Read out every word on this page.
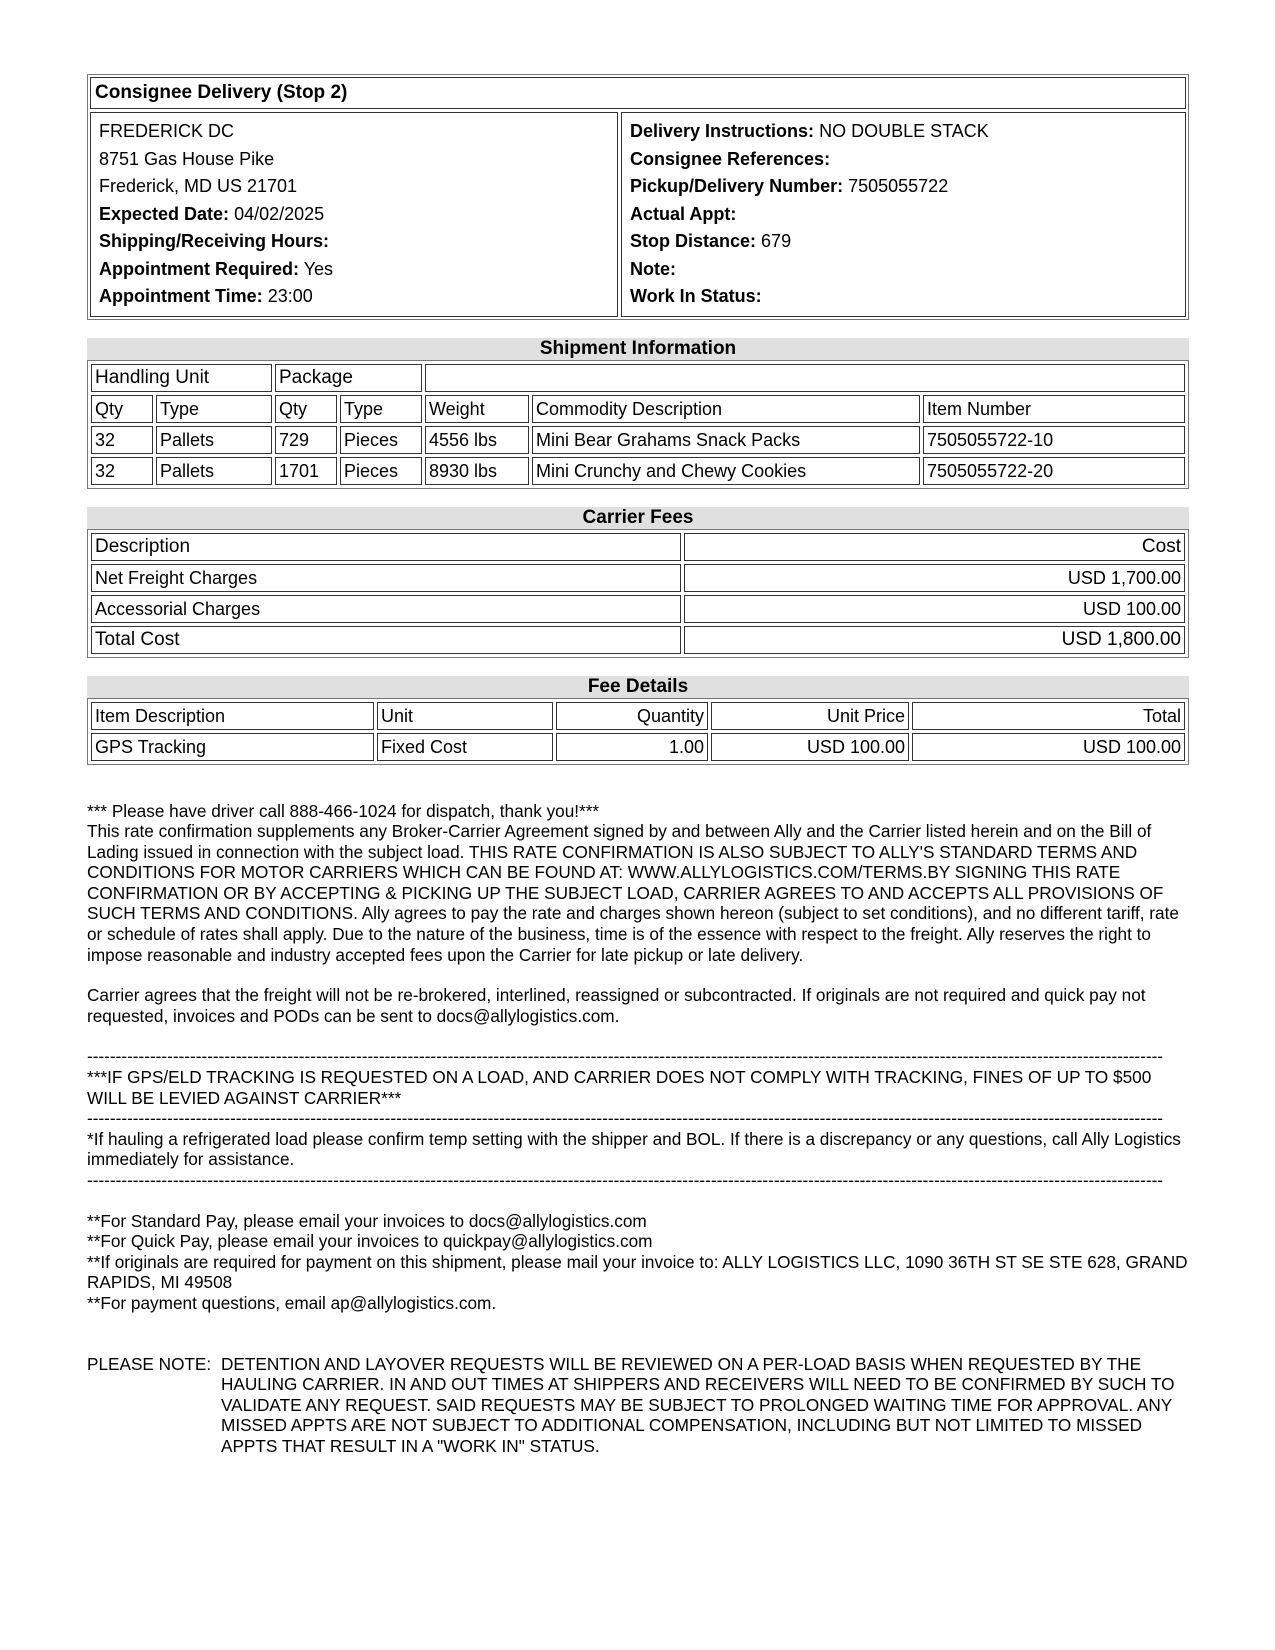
Consignee Delivery (Stop 2)
FREDERICK DC
8751 Gas House Pike
Frederick, MD US 21701
Expected Date: 04/02/2025
Shipping/Receiving Hours:
Appointment Required: Yes
Appointment Time: 23:00
Delivery Instructions: NO DOUBLE STACK
Consignee References:
Pickup/Delivery Number: 7505055722
Actual Appt:
Stop Distance: 679
Note:
Work In Status:
Shipment Information
Handling Unit		Package				
Qty	Type	Qty	Type	Weight	Commodity Description	Item Number
32	Pallets	729	Pieces	4556 lbs	Mini Bear Grahams Snack Packs	7505055722-10
32	Pallets	1701	Pieces	8930 lbs	Mini Crunchy and Chewy Cookies	7505055722-20
Carrier Fees
Description	Cost
Net Freight Charges	USD 1,700.00
Accessorial Charges	USD 100.00
Total Cost	USD 1,800.00
Fee Details
Item Description	Unit	Quantity	Unit Price	Total
GPS Tracking	Fixed Cost	1.00	USD 100.00	USD 100.00

*** Please have driver call 888-466-1024 for dispatch, thank you!***

This rate confirmation supplements any Broker-Carrier Agreement signed by and between Ally and the Carrier listed herein and on the Bill of Lading issued in connection with the subject load. THIS RATE CONFIRMATION IS ALSO SUBJECT TO ALLY'S STANDARD TERMS AND CONDITIONS FOR MOTOR CARRIERS WHICH CAN BE FOUND AT: WWW.ALLYLOGISTICS.COM/TERMS.BY SIGNING THIS RATE CONFIRMATION OR BY ACCEPTING & PICKING UP THE SUBJECT LOAD, CARRIER AGREES TO AND ACCEPTS ALL PROVISIONS OF SUCH TERMS AND CONDITIONS. Ally agrees to pay the rate and charges shown hereon (subject to set conditions), and no different tariff, rate or schedule of rates shall apply. Due to the nature of the business, time is of the essence with respect to the freight. Ally reserves the right to impose reasonable and industry accepted fees upon the Carrier for late pickup or late delivery.

Carrier agrees that the freight will not be re-brokered, interlined, reassigned or subcontracted. If originals are not required and quick pay not requested, invoices and PODs can be sent to docs@allylogistics.com.

--------------------------------------------------------------------------------------------------------------------------------------------------------------------------------------------

***IF GPS/ELD TRACKING IS REQUESTED ON A LOAD, AND CARRIER DOES NOT COMPLY WITH TRACKING, FINES OF UP TO $500 WILL BE LEVIED AGAINST CARRIER***

--------------------------------------------------------------------------------------------------------------------------------------------------------------------------------------------

*If hauling a refrigerated load please confirm temp setting with the shipper and BOL. If there is a discrepancy or any questions, call Ally Logistics immediately for assistance.

--------------------------------------------------------------------------------------------------------------------------------------------------------------------------------------------

**For Standard Pay, please email your invoices to docs@allylogistics.com

**For Quick Pay, please email your invoices to quickpay@allylogistics.com

**If originals are required for payment on this shipment, please mail your invoice to: ALLY LOGISTICS LLC, 1090 36TH ST SE STE 628, GRAND RAPIDS, MI 49508

**For payment questions, email ap@allylogistics.com.

PLEASE NOTE: DETENTION AND LAYOVER REQUESTS WILL BE REVIEWED ON A PER-LOAD BASIS WHEN REQUESTED BY THE HAULING CARRIER. IN AND OUT TIMES AT SHIPPERS AND RECEIVERS WILL NEED TO BE CONFIRMED BY SUCH TO VALIDATE ANY REQUEST. SAID REQUESTS MAY BE SUBJECT TO PROLONGED WAITING TIME FOR APPROVAL. ANY MISSED APPTS ARE NOT SUBJECT TO ADDITIONAL COMPENSATION, INCLUDING BUT NOT LIMITED TO MISSED APPTS THAT RESULT IN A "WORK IN" STATUS.
